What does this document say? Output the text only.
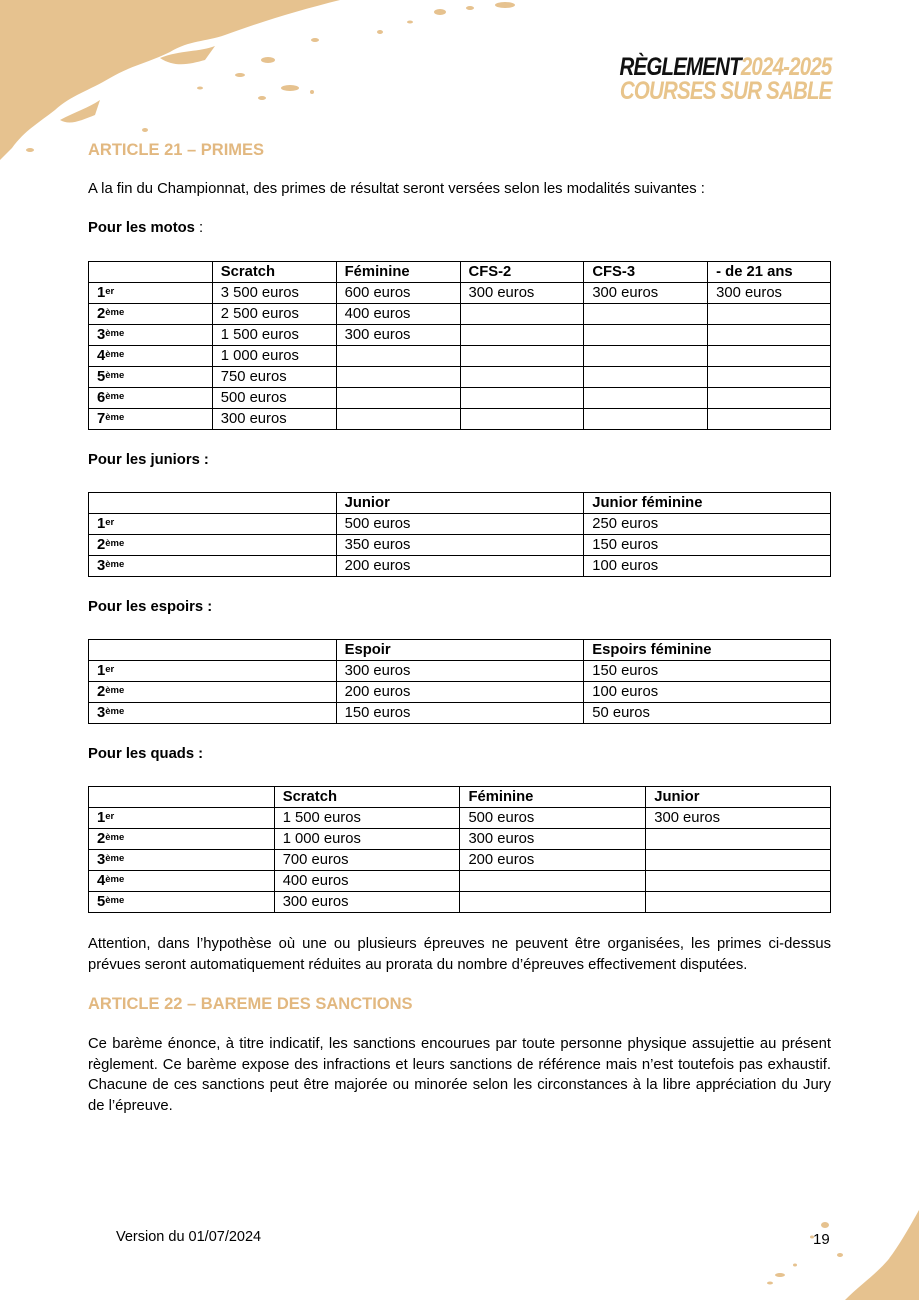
RÈGLEMENT2024-2025
COURSES SUR SABLE
ARTICLE 21 – PRIMES

A la fin du Championnat, des primes de résultat seront versées selon les modalités suivantes :

Pour les motos :

	Scratch	Féminine	CFS-2	CFS-3	- de 21 ans
1er	3 500 euros	600 euros	300 euros	300 euros	300 euros
2ème	2 500 euros	400 euros			
3ème	1 500 euros	300 euros			
4ème	1 000 euros				
5ème	750 euros				
6ème	500 euros				
7ème	300 euros				

Pour les juniors :

	Junior	Junior féminine
1er	500 euros	250 euros
2ème	350 euros	150 euros
3ème	200 euros	100 euros

Pour les espoirs :

	Espoir	Espoirs féminine
1er	300 euros	150 euros
2ème	200 euros	100 euros
3ème	150 euros	50 euros

Pour les quads :

	Scratch	Féminine	Junior
1er	1 500 euros	500 euros	300 euros
2ème	1 000 euros	300 euros	
3ème	700 euros	200 euros	
4ème	400 euros		
5ème	300 euros		

Attention, dans l’hypothèse où une ou plusieurs épreuves ne peuvent être organisées, les primes ci-dessus prévues seront automatiquement réduites au prorata du nombre d’épreuves effectivement disputées.

ARTICLE 22 – BAREME DES SANCTIONS

Ce barème énonce, à titre indicatif, les sanctions encourues par toute personne physique assujettie au présent règlement. Ce barème expose des infractions et leurs sanctions de référence mais n’est toutefois pas exhaustif. Chacune de ces sanctions peut être majorée ou minorée selon les circonstances à la libre appréciation du Jury de l’épreuve.

Version du 01/07/2024	19
